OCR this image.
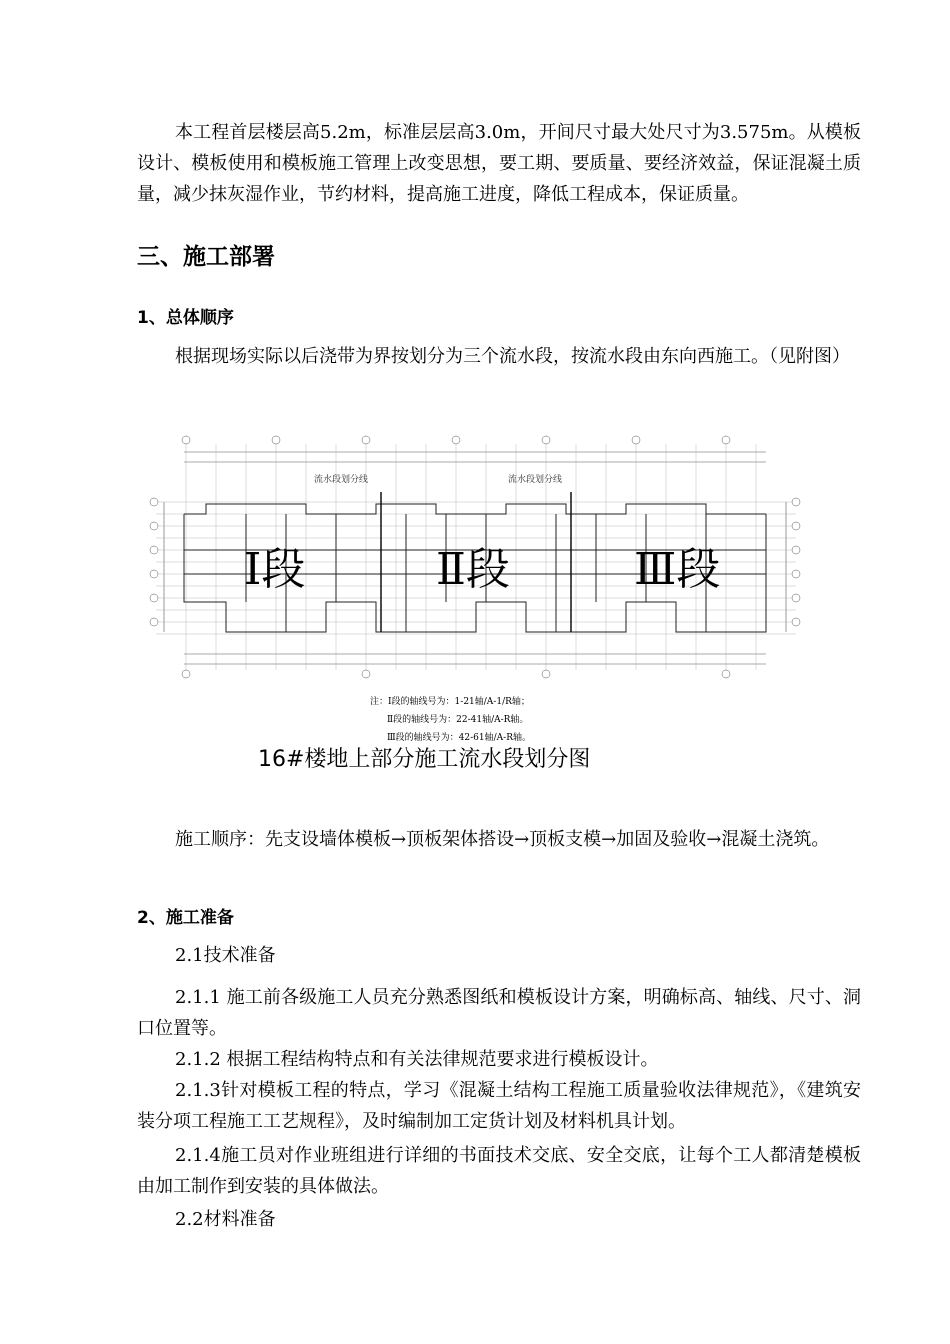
本工程首层楼层高5.2m，标准层层高3.0m，开间尺寸最大处尺寸为3.575m。从模板设计、模板使用和模板施工管理上改变思想，要工期、要质量、要经济效益，保证混凝土质量，减少抹灰湿作业，节约材料，提高施工进度，降低工程成本，保证质量。
三、施工部署
1、总体顺序
根据现场实际以后浇带为界按划分为三个流水段，按流水段由东向西施工。（见附图）
流水段划分线	流水段划分线
Ⅰ段	Ⅱ段	Ⅲ段
注：Ⅰ段的轴线号为：1-21轴/A-1/R轴；
Ⅱ段的轴线号为：22-41轴/A-R轴。
Ⅲ段的轴线号为：42-61轴/A-R轴。
16#楼地上部分施工流水段划分图
施工顺序：先支设墙体模板→顶板架体搭设→顶板支模→加固及验收→混凝土浇筑。
2、施工准备
2.1技术准备
2.1.1 施工前各级施工人员充分熟悉图纸和模板设计方案，明确标高、轴线、尺寸、洞口位置等。
2.1.2 根据工程结构特点和有关法律规范要求进行模板设计。
2.1.3针对模板工程的特点，学习《混凝土结构工程施工质量验收法律规范》，《建筑安装分项工程施工工艺规程》，及时编制加工定货计划及材料机具计划。
2.1.4施工员对作业班组进行详细的书面技术交底、安全交底，让每个工人都清楚模板由加工制作到安装的具体做法。
2.2材料准备
